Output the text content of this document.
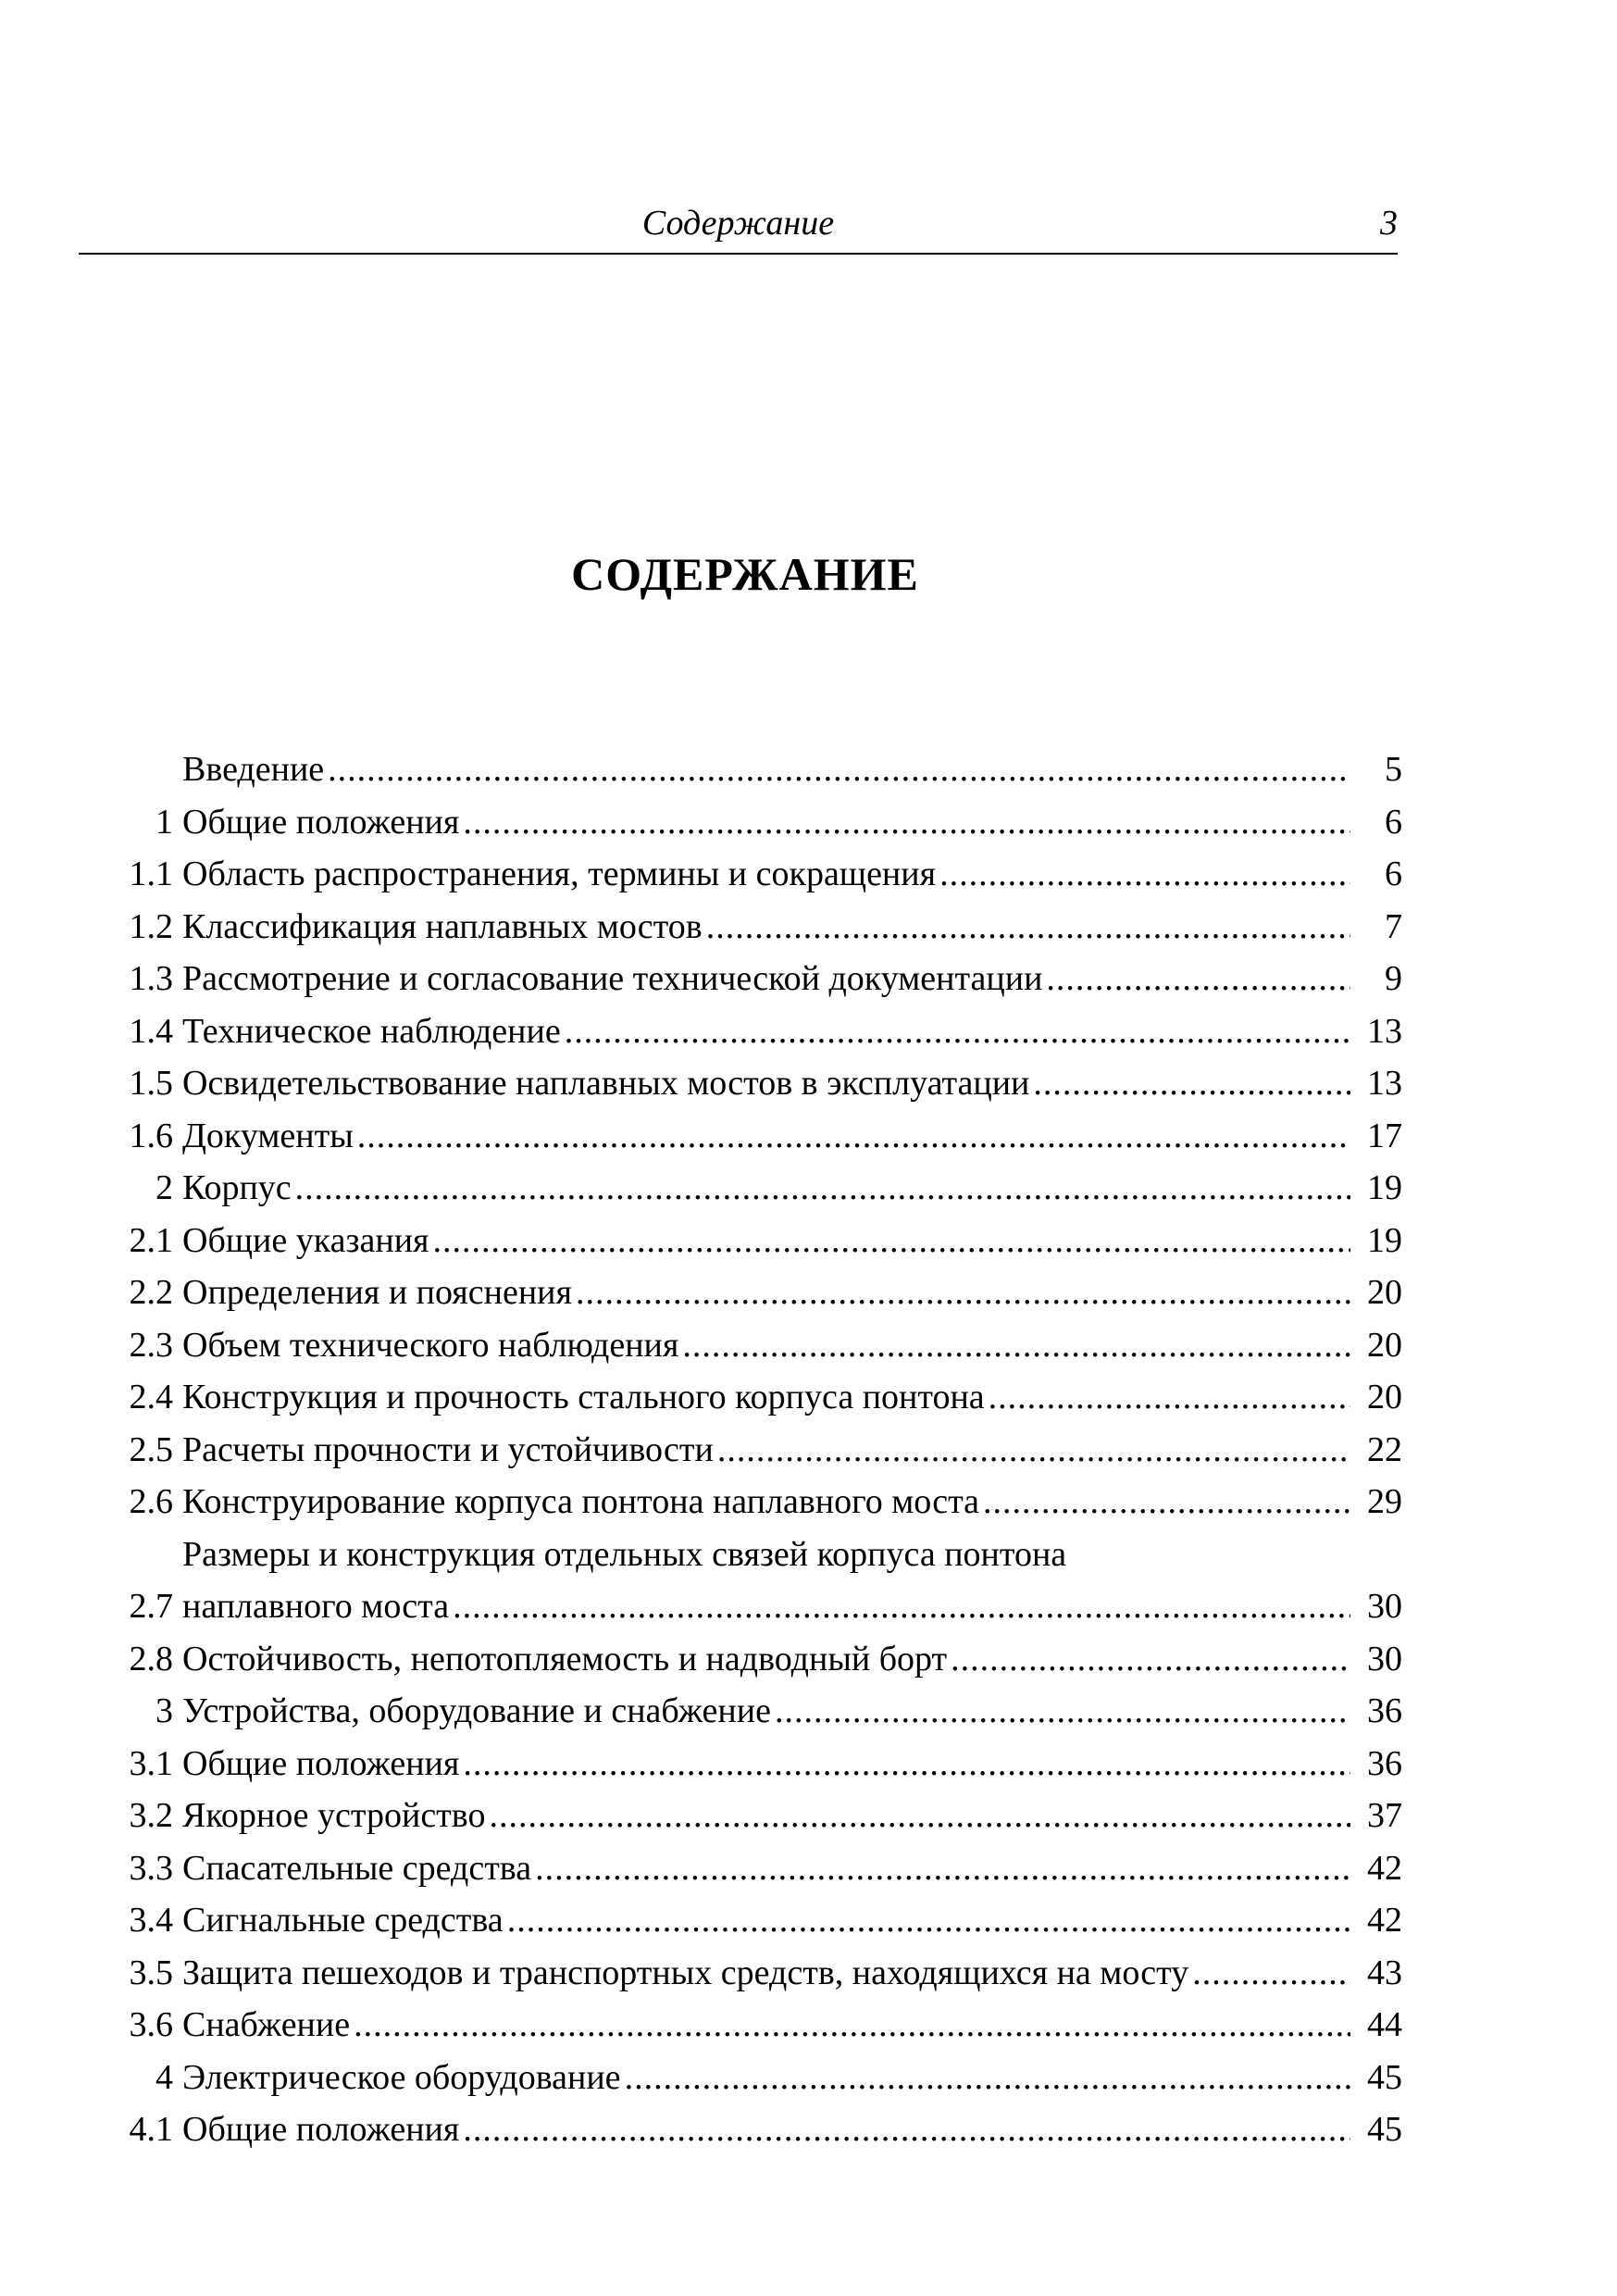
Содержание	3
СОДЕРЖАНИЕ
Введение .....	5
1 Общие положения .....	6
1.1 Область распространения, термины и сокращения .....	6
1.2 Классификация наплавных мостов .....	7
1.3 Рассмотрение и согласование технической документации .....	9
1.4 Техническое наблюдение .....	13
1.5 Освидетельствование наплавных мостов в эксплуатации .....	13
1.6 Документы .....	17
2 Корпус .....	19
2.1 Общие указания .....	19
2.2 Определения и пояснения .....	20
2.3 Объем технического наблюдения .....	20
2.4 Конструкция и прочность стального корпуса понтона .....	20
2.5 Расчеты прочности и устойчивости .....	22
2.6 Конструирование корпуса понтона наплавного моста .....	29
2.7
Размеры и конструкция отдельных связей корпуса понтона
наплавного моста .....	30
2.8 Остойчивость, непотопляемость и надводный борт .....	30
3 Устройства, оборудование и снабжение .....	36
3.1 Общие положения .....	36
3.2 Якорное устройство .....	37
3.3 Спасательные средства .....	42
3.4 Сигнальные средства .....	42
3.5 Защита пешеходов и транспортных средств, находящихся на мосту .....	43
3.6 Снабжение .....	44
4 Электрическое оборудование .....	45
4.1 Общие положения .....	45
